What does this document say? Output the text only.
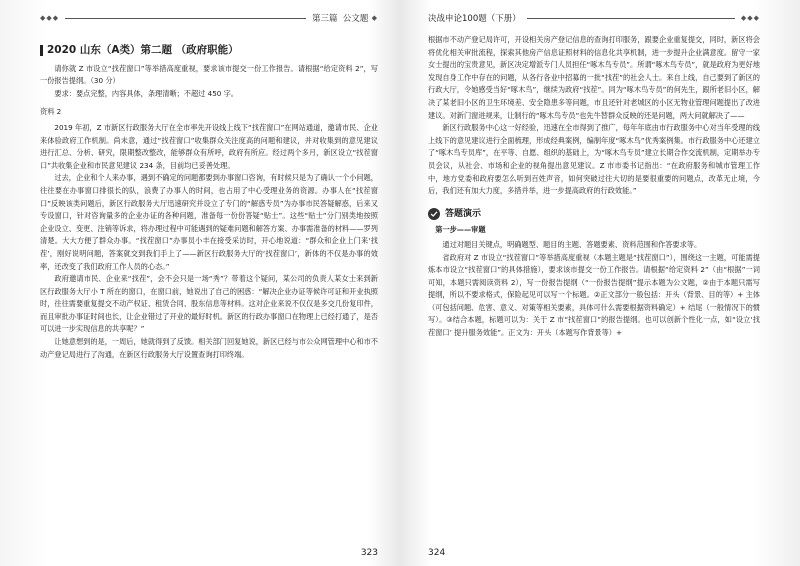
◆◆◆	第三篇
公文题 ◆
2020 山东（A类）第二题 （政府职能）

请你就 Z 市设立“找茬窗口”等举措高度重视，要求该市提交一份工作报告。请根据“给定资料 2”，写一份报告提纲。（30 分）

要求：要点完整，内容具体，条理清晰；不超过 450 字。

资料 2

2019 年初，Z 市新区行政服务大厅在全市率先开设线上线下“找茬窗口”在网站通道，邀请市民、企业来体验政府工作机制。尚未意，通过“找茬窗口”收集群众关注度高的问题和建议，并对收集到的意见建议进行汇总、分析、研究，限期整改整改，能够群众有所呼，政府有所应。经过两个多月，新区设立“找茬窗口”共收集企业和市民意见建议 234 条，目前均已妥善处理。

过去，企业和个人来办事，遇到不确定的问题都要到办事窗口咨询，有时候只是为了确认一个小问题，往往要在办事窗口排很长的队，浪费了办事人的时间，也占用了中心受理业务的资源。办事人在“找茬窗口”反映该类问题后，新区行政服务大厅迅速研究并设立了专门的“解惑专员”为办事市民答疑解惑，后来又专设窗口，针对咨询量多的企业办证的各种问题，准备每一份份答疑“贴士”。这些“贴士”分门别类地按照企业设立、变更、注销等诉求，将办理过程中可能遇到的疑难问题和解答方案、办事需准备的材料——罗列清楚。大大方便了群众办事。“找茬窗口”办事员小丰在接受采访时，开心地说道：“群众和企业上门来‘找茬’，刚好说明问题，答案就交到我们手上了——新区行政服务大厅的‘找茬窗口’，新体的不仅是办事的效率，还改变了我们政府工作人员的心态。”

政府邀请市民、企业来“找茬”，会不会只是一场“秀”？带着这个疑问，某公司的负责人某女士来到新区行政服务大厅小 T 所在的窗口，在窗口前，她说出了自己的困惑：“解决企业办证等候许可证和开业执照时，往往需要重复提交不动产权证、租赁合同、股东信息等材料。这对企业来说不仅仅是多交几份复印件，而且审批办事证时间也长，让企业错过了开业的最好时机。新区的行政办事窗口在物理上已经打通了，是否可以进一步实现信息的共享呢？”

让她意想到的是，一周后，她就得到了反馈。相关部门回复她说，新区已经与市公众网管理中心和市不动产登记局进行了沟通，在新区行政服务大厅设置查询打印终端。

323
决战申论100题（下册）	◆◆◆

根据市不动产登记局许可，开设相关房产登记信息的查询打印服务，跟要企业重复提交，同时，新区将会将优化相关审批流程，探索其他房产信息证照材料的信息化共享机制，进一步提升企业满意度。留守一家女士提出的宝贵意见，新区决定增派专门人员担任“啄木鸟专员”。所谓“啄木鸟专员”，就是政府为更好地发现自身工作中存在的问题，从各行各业中招募的一批“找茬”的社会人士。来自上线，自己要到了新区的行政大厅，令她感受当好“啄木鸟”，继续为政府“找茬”。同为“啄木鸟专员”的何先生，跟所老旧小区，解决了某老旧小区的卫生环境差、安全隐患多等问题，市且还针对老城区的小区无物业管理问题提出了改进建议。对新门窗进规来，让制行的“啄木鸟专员”也先牛替群众反映的还是问题，两大问就解决了——

新区行政服务中心这一好经验，迅速在全市得到了推广，每年年底由市行政服务中心对当年受理的线上线下的意见建议进行全面梳理，形成经典案例，编制年度“啄木鸟”优秀案例集。市行政服务中心还建立了“啄木鸟专员库”，在平等、自愿、组织的基础上，为“啄木鸟专员”建立长期合作交流机制，定期举办专员会议，从社会、市场和企业的视角提出意见建议。Z 市市委书记指出：“在政府服务和城市管理工作中，地方党委和政府要怎么听到百姓声音，如何突破过往大切的是要很重要的问题点，改革无止境，今后，我们还有加大力度，多措并举，进一步提高政府的行政效能。”

答题演示
第一步——审题

通过对题目关键点，明确题型、题目的主题、答题要素、资料范围和作答要求等。

省政府对 Z 市设立“找茬窗口”等举措高度重视（本题主题是“找茬窗口”），围绕这一主题，可能需提炼本市设立“找茬窗口”的具体措施），要求该市提交一份工作报告。请根据“给定资料 2”（由“根据”一词可知，本题只需阅读资料 2），写一份报告提纲（“一份报告提纲”提示本题为公文题，②由于本题只需写提纲，所以不要求格式，保险起见可以写一个标题。②正文部分一般包括：开头（背景、目的等）+ 主体（可包括问题、危害、意义、对策等相关要素，具体可什么需要根据资料确定）+ 结尾（一般情况下的惯写）。③结合本题，标题可以为：关于 Z 市“找茬窗口”的报告提纲。也可以创新个性化一点，如“设立‘找茬窗口’ 提升服务效能”。正文为：开头（本题写作背景等）+

324
